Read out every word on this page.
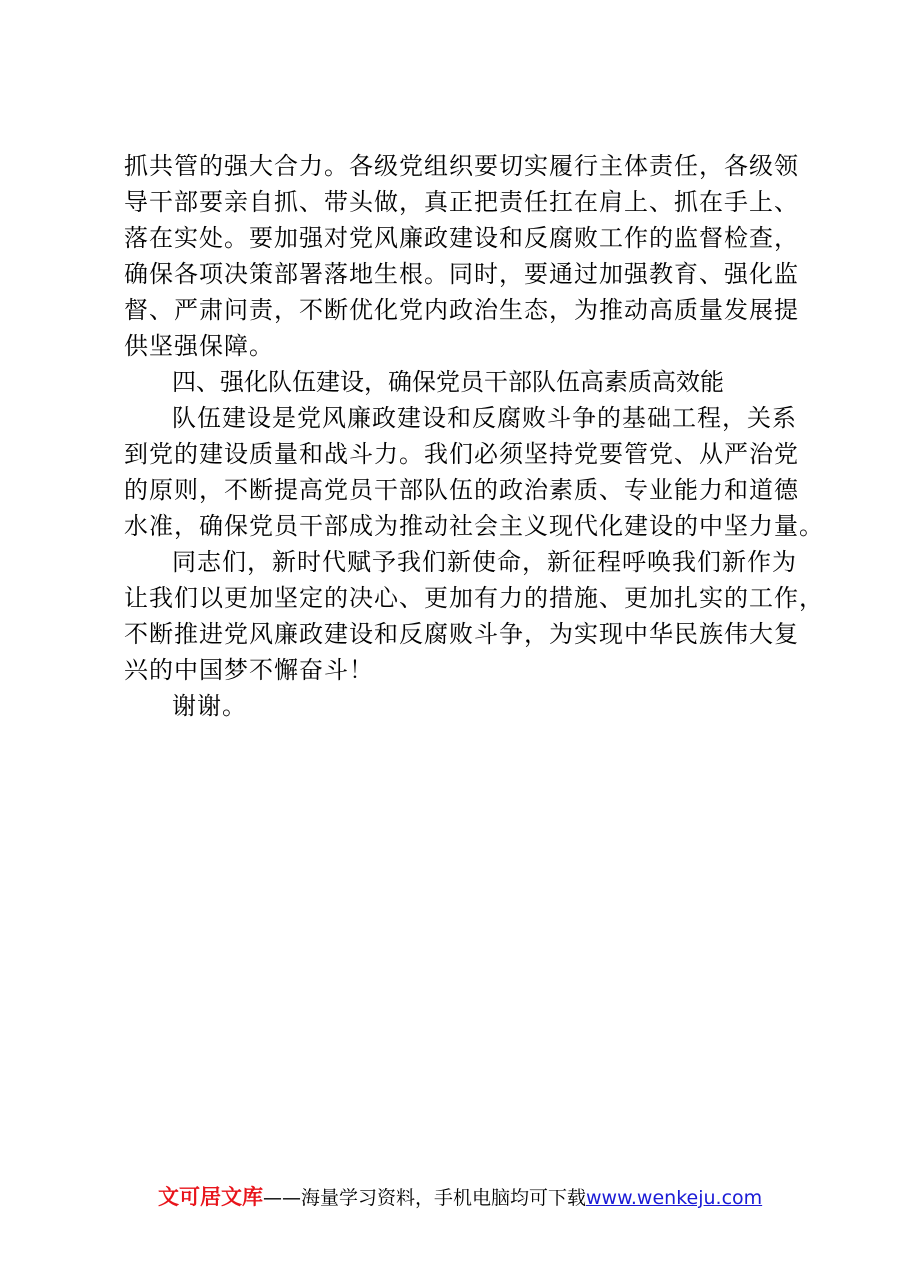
抓共管的强大合力。各级党组织要切实履行主体责任，各级领
导干部要亲自抓、带头做，真正把责任扛在肩上、抓在手上、
落在实处。要加强对党风廉政建设和反腐败工作的监督检查，
确保各项决策部署落地生根。同时，要通过加强教育、强化监
督、严肃问责，不断优化党内政治生态，为推动高质量发展提
供坚强保障。
四、强化队伍建设，确保党员干部队伍高素质高效能
队伍建设是党风廉政建设和反腐败斗争的基础工程，关系
到党的建设质量和战斗力。我们必须坚持党要管党、从严治党
的原则，不断提高党员干部队伍的政治素质、专业能力和道德
水准，确保党员干部成为推动社会主义现代化建设的中坚力量。
同志们，新时代赋予我们新使命，新征程呼唤我们新作为
让我们以更加坚定的决心、更加有力的措施、更加扎实的工作，
不断推进党风廉政建设和反腐败斗争，为实现中华民族伟大复
兴的中国梦不懈奋斗！
谢谢。
文可居文库——海量学习资料，手机电脑均可下载www.wenkeju.com
